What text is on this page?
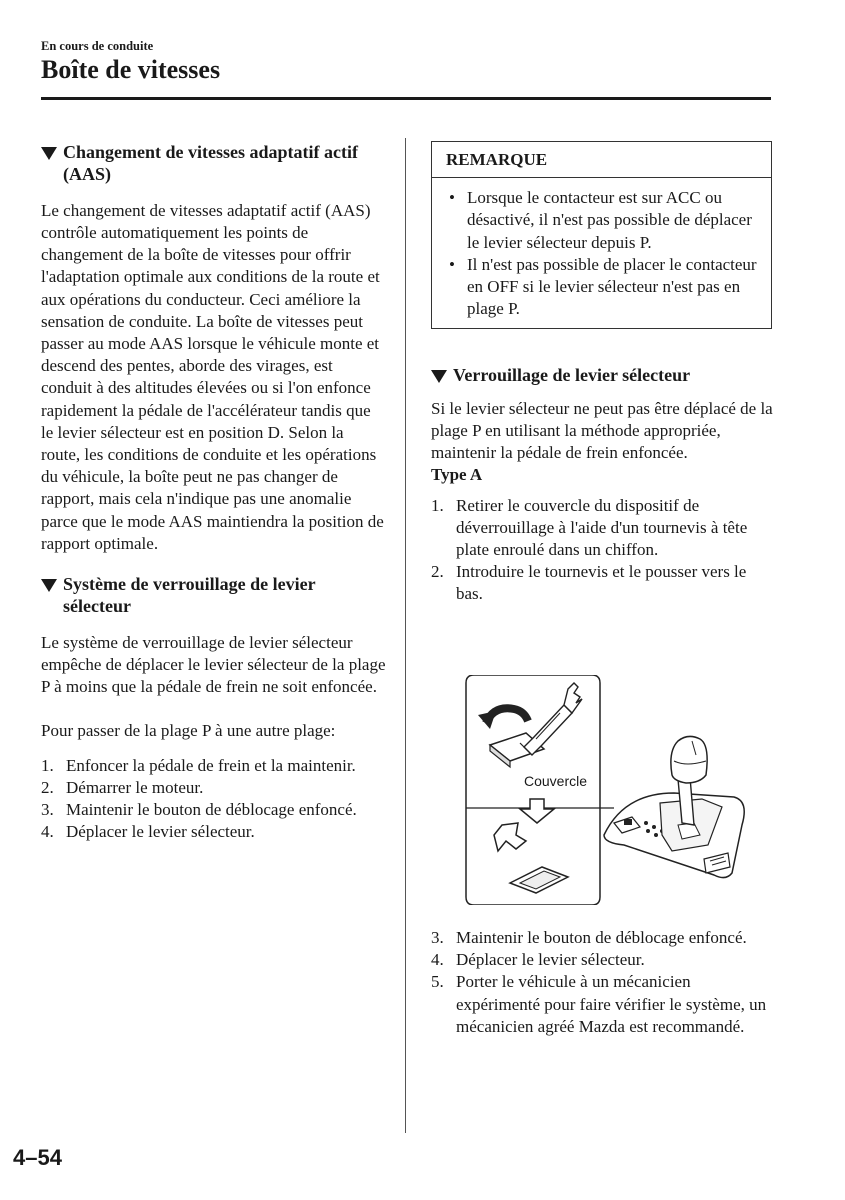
En cours de conduite
Boîte de vitesses
Changement de vitesses adaptatif actif (AAS)

Le changement de vitesses adaptatif actif (AAS) contrôle automatiquement les points de changement de la boîte de vitesses pour offrir l'adaptation optimale aux conditions de la route et aux opérations du conducteur. Ceci améliore la sensation de conduite. La boîte de vitesses peut passer au mode AAS lorsque le véhicule monte et descend des pentes, aborde des virages, est conduit à des altitudes élevées ou si l'on enfonce rapidement la pédale de l'accélérateur tandis que le levier sélecteur est en position D. Selon la route, les conditions de conduite et les opérations du véhicule, la boîte peut ne pas changer de rapport, mais cela n'indique pas une anomalie parce que le mode AAS maintiendra la position de rapport optimale.

Système de verrouillage de levier sélecteur

Le système de verrouillage de levier sélecteur empêche de déplacer le levier sélecteur de la plage P à moins que la pédale de frein ne soit enfoncée.

Pour passer de la plage P à une autre plage:

1. Enfoncer la pédale de frein et la maintenir.
2. Démarrer le moteur.
3. Maintenir le bouton de déblocage enfoncé.
4. Déplacer le levier sélecteur.
REMARQUE
• Lorsque le contacteur est sur ACC ou désactivé, il n'est pas possible de déplacer le levier sélecteur depuis P.
• Il n'est pas possible de placer le contacteur en OFF si le levier sélecteur n'est pas en plage P.
Verrouillage de levier sélecteur

Si le levier sélecteur ne peut pas être déplacé de la plage P en utilisant la méthode appropriée, maintenir la pédale de frein enfoncée.

Type A

1. Retirer le couvercle du dispositif de déverrouillage à l'aide d'un tournevis à tête plate enroulé dans un chiffon.
2. Introduire le tournevis et le pousser vers le bas.
3. Maintenir le bouton de déblocage enfoncé.
4. Déplacer le levier sélecteur.
5. Porter le véhicule à un mécanicien expérimenté pour faire vérifier le système, un mécanicien agréé Mazda est recommandé.
Couvercle
4–54
